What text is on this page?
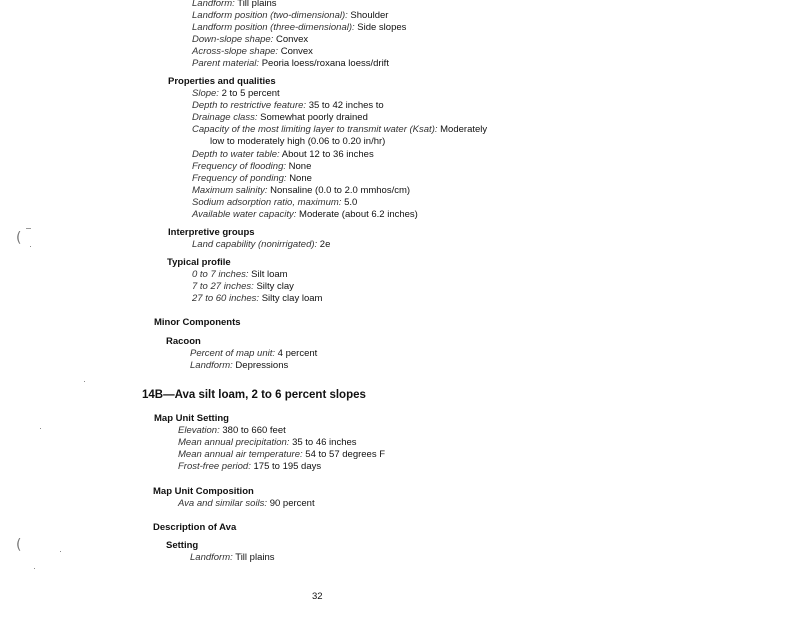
Landform: Till plains
Landform position (two-dimensional): Shoulder
Landform position (three-dimensional): Side slopes
Down-slope shape: Convex
Across-slope shape: Convex
Parent material: Peoria loess/roxana loess/drift
Properties and qualities
Slope: 2 to 5 percent
Depth to restrictive feature: 35 to 42 inches to
Drainage class: Somewhat poorly drained
Capacity of the most limiting layer to transmit water (Ksat): Moderately
low to moderately high (0.06 to 0.20 in/hr)
Depth to water table: About 12 to 36 inches
Frequency of flooding: None
Frequency of ponding: None
Maximum salinity: Nonsaline (0.0 to 2.0 mmhos/cm)
Sodium adsorption ratio, maximum: 5.0
Available water capacity: Moderate (about 6.2 inches)
Interpretive groups
Land capability (nonirrigated): 2e
Typical profile
0 to 7 inches: Silt loam
7 to 27 inches: Silty clay
27 to 60 inches: Silty clay loam
Minor Components
Racoon
Percent of map unit: 4 percent
Landform: Depressions
14B—Ava silt loam, 2 to 6 percent slopes
Map Unit Setting
Elevation: 380 to 660 feet
Mean annual precipitation: 35 to 46 inches
Mean annual air temperature: 54 to 57 degrees F
Frost-free period: 175 to 195 days
Map Unit Composition
Ava and similar soils: 90 percent
Description of Ava
Setting
Landform: Till plains
32
(
(
